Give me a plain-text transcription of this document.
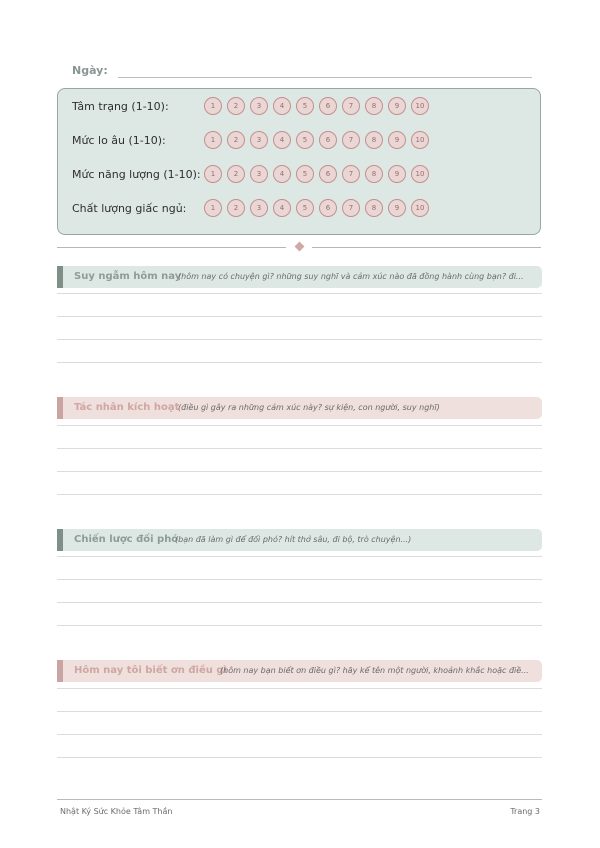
Ngày:
Tâm trạng (1-10):	1	2	3	4	5	6	7	8	9	10
Mức lo âu (1-10):	1	2	3	4	5	6	7	8	9	10
Mức năng lượng (1-10):	1	2	3	4	5	6	7	8	9	10
Chất lượng giấc ngủ:	1	2	3	4	5	6	7	8	9	10
Suy ngẫm hôm nay
(hôm nay có chuyện gì? những suy nghĩ và cảm xúc nào đã đồng hành cùng bạn? đi...
Tác nhân kích hoạt
(điều gì gây ra những cảm xúc này? sự kiện, con người, suy nghĩ)
Chiến lược đối phó
(bạn đã làm gì để đối phó? hít thở sâu, đi bộ, trò chuyện...)
Hôm nay tôi biết ơn điều gì
(hôm nay bạn biết ơn điều gì? hãy kể tên một người, khoảnh khắc hoặc điề...
Nhật Ký Sức Khỏe Tâm Thần	Trang 3
